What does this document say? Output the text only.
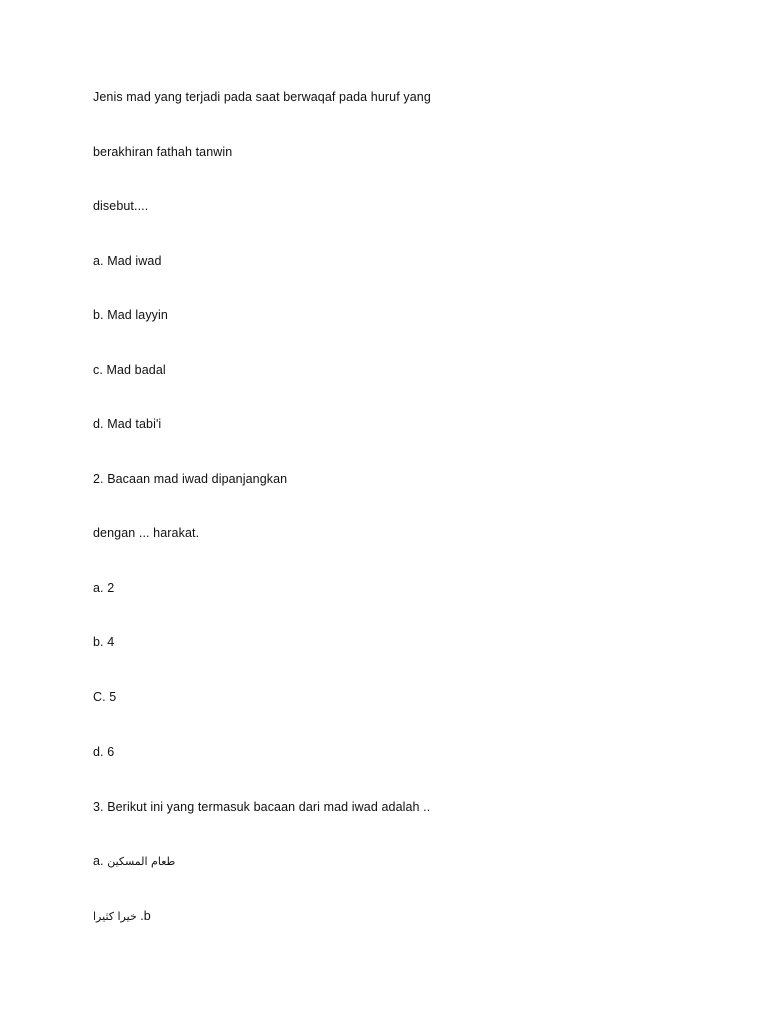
Jenis mad yang terjadi pada saat berwaqaf pada huruf yang
berakhiran fathah tanwin
disebut....
a. Mad iwad
b. Mad layyin
c. Mad badal
d. Mad tabi'i
2. Bacaan mad iwad dipanjangkan
dengan ... harakat.
a. 2
b. 4
C. 5
d. 6
3. Berikut ini yang termasuk bacaan dari mad iwad adalah ..
a. طعام المسكين
خيرا كثيرا .b
